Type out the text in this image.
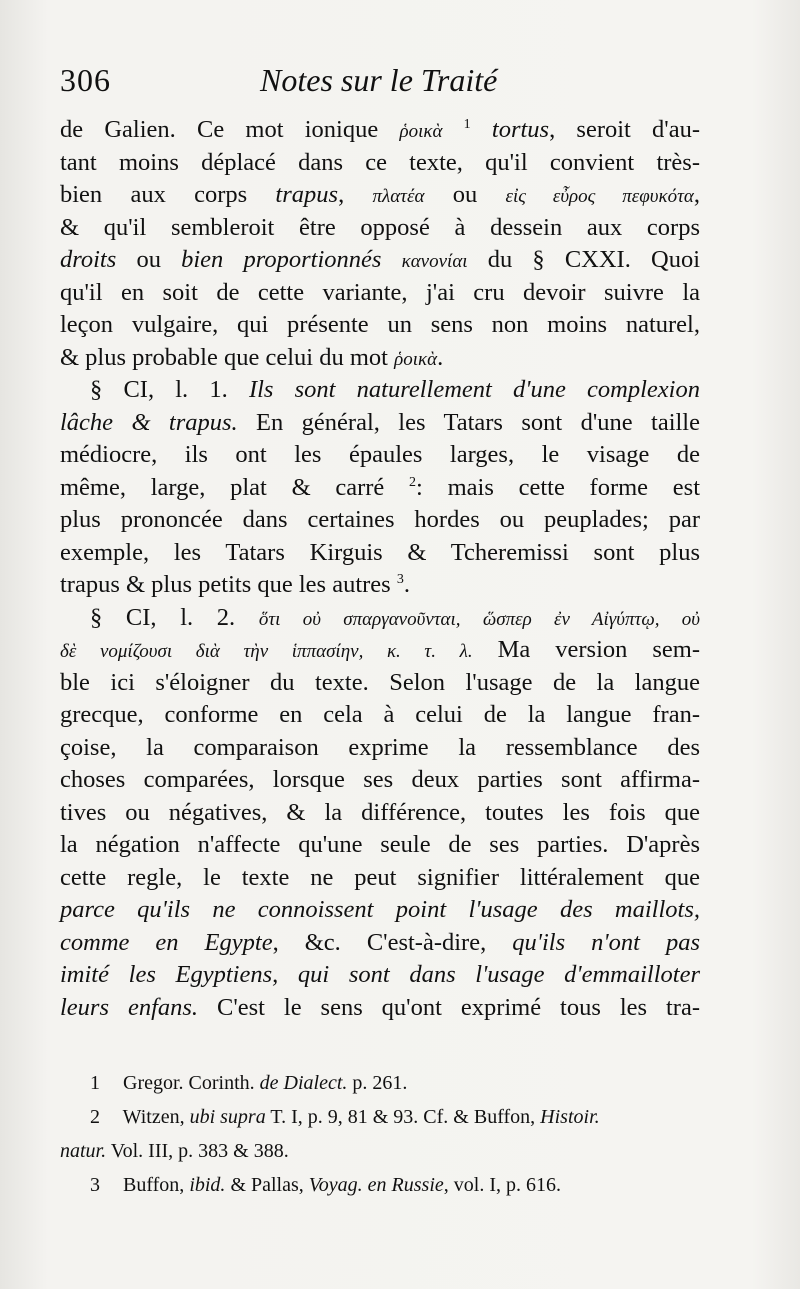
306	Notes sur le Traité
de Galien. Ce mot ionique ῥοικὰ $^1$ tortus, seroit d'au-
tant moins déplacé dans ce texte, qu'il convient très-
bien aux corps trapus, πλατέα ou εἰς εὖρος πεφυκότα,
& qu'il sembleroit être opposé à dessein aux corps
droits ou bien proportionnés κανονίαι du § CXXI. Quoi
qu'il en soit de cette variante, j'ai cru devoir suivre la
leçon vulgaire, qui présente un sens non moins naturel,
& plus probable que celui du mot ῥοικὰ.
§ CI, l. 1. Ils sont naturellement d'une complexion
lâche & trapus. En général, les Tatars sont d'une taille
médiocre, ils ont les épaules larges, le visage de
même, large, plat & carré $^2$: mais cette forme est
plus prononcée dans certaines hordes ou peuplades; par
exemple, les Tatars Kirguis & Tcheremissi sont plus
trapus & plus petits que les autres $^3$.
§ CI, l. 2. ὅτι οὐ σπαργανοῦνται, ὥσπερ ἐν Αἰγύπτῳ, οὐ
δὲ νομίζουσι διὰ τὴν ἱππασίην, κ. τ. λ. Ma version sem-
ble ici s'éloigner du texte. Selon l'usage de la langue
grecque, conforme en cela à celui de la langue fran-
çoise, la comparaison exprime la ressemblance des
choses comparées, lorsque ses deux parties sont affirma-
tives ou négatives, & la différence, toutes les fois que
la négation n'affecte qu'une seule de ses parties. D'après
cette regle, le texte ne peut signifier littéralement que
parce qu'ils ne connoissent point l'usage des maillots,
comme en Egypte, &c. C'est-à-dire, qu'ils n'ont pas
imité les Egyptiens, qui sont dans l'usage d'emmailloter
leurs enfans. C'est le sens qu'ont exprimé tous les tra-
1 Gregor. Corinth. de Dialect. p. 261.
2 Witzen, ubi supra T. I, p. 9, 81 & 93. Cf. & Buffon, Histoir.
natur. Vol. III, p. 383 & 388.
3 Buffon, ibid. & Pallas, Voyag. en Russie, vol. I, p. 616.
